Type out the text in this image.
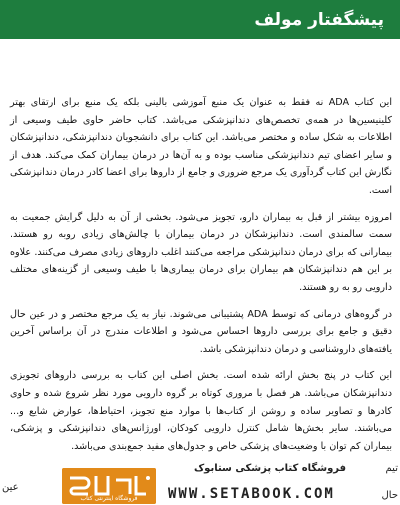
پیشگفتار مولف

این کتاب ADA نه فقط به عنوان یک منبع آموزشی بالینی بلکه یک منبع برای ارتقای بهتر کلینیسین‌ها در همه‌ی تخصص‌های دندانپزشکی می‌باشد. کتاب حاضر حاوی طیف وسیعی از اطلاعات به شکل ساده و مختصر می‌باشد. این کتاب برای دانشجویان دندانپزشکی، دندانپزشکان و سایر اعضای تیم دندانپزشکی مناسب بوده و به آن‌ها در درمان بیماران کمک می‌کند. هدف از نگارش این کتاب گردآوری یک مرجع ضروری و جامع از داروها برای اعضا کادر درمان دندانپزشکی است.

امروزه بیشتر از قبل به بیماران دارو، تجویز می‌شود. بخشی از آن به دلیل گرایش جمعیت به سمت سالمندی است. دندانپزشکان در درمان بیماران با چالش‌های زیادی روبه رو هستند. بیمارانی که برای درمان دندانپزشکی مراجعه می‌کنند اغلب داروهای زیادی مصرف می‌کنند. علاوه بر این هم دندانپزشکان هم بیماران برای درمان بیماری‌ها با طیف وسیعی از گزینه‌های مختلف دارویی رو به رو هستند.

در گروه‌های درمانی که توسط ADA پشتیبانی می‌شوند. نیاز به یک مرجع مختصر و در عین حال دقیق و جامع برای بررسی داروها احساس می‌شود و اطلاعات مندرج در آن براساس آخرین یافته‌های داروشناسی و درمان دندانپزشکی باشد.

این کتاب در پنج بخش ارائه شده است. بخش اصلی این کتاب به بررسی داروهای تجویزی دندانپزشکان می‌باشد. هر فصل با مروری کوتاه بر گروه دارویی مورد نظر شروع شده و حاوی کادرها و تصاویر ساده و روشن از کتاب‌ها با موارد منع تجویز، احتیاط‌ها، عوارض شایع و... می‌باشند. سایر بخش‌ها شامل کنترل دارویی کودکان، اورژانس‌های دندانپزشکی و پزشکی، بیماران کم توان با وضعیت‌های پزشکی خاص و جدول‌های مفید جمع‌بندی می‌باشد.

عین
تیم
حال
فروشگاه کتاب پزشکی ستابوک
WWW.SETABOOK.COM
فروشگاه اینترنتی کتاب
